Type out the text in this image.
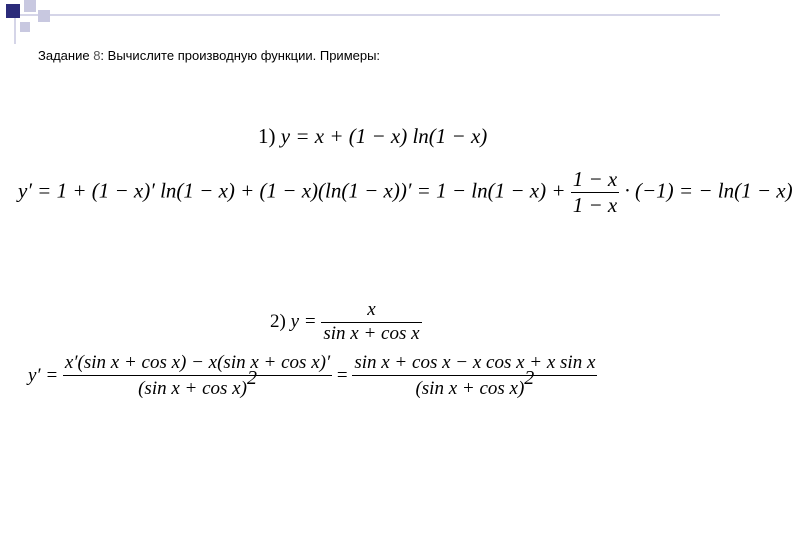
Задание 8: Вычислите производную функции. Примеры:
1) y = x + (1 − x) ln(1 − x)
y′ = 1 + (1 − x)′ $\ln(1 - x) + (1 - x)(\ln(1 - x))' = 1 - \ln(1 - x) + \frac{1 - x}{1 - x} \cdot (-1)$ = − ln(1 − x)
2) $y = \frac{x}{\text{sin x + cos x}}$
$y' = \frac{\text{x′(sin x + cos x) − x(sin x + cos x)′}}{\text{(sin x + cos x)2}} = \frac{\text{sin x + cos x − x cos x + x sin x}}{\text{(sin x + cos x)2}}$
